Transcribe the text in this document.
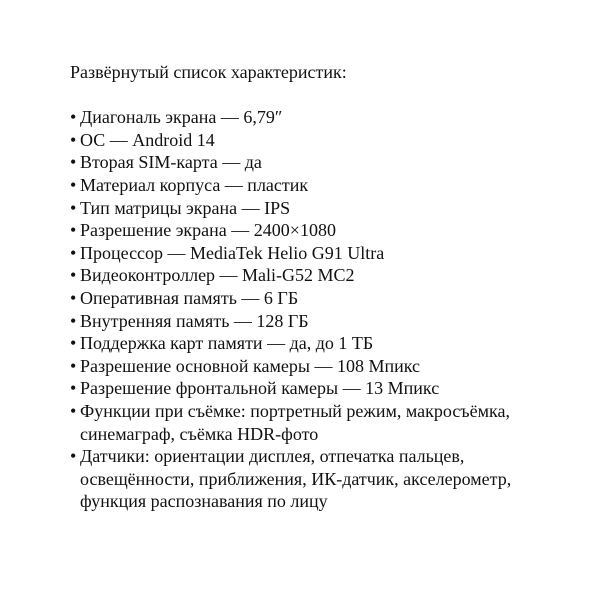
Развёрнутый список характеристик:

• Диагональ экрана — 6,79″
• ОС — Android 14
• Вторая SIM-карта — да
• Материал корпуса — пластик
• Тип матрицы экрана — IPS
• Разрешение экрана — 2400×1080
• Процессор — MediaTek Helio G91 Ultra
• Видеоконтроллер — Mali-G52 MC2
• Оперативная память — 6 ГБ
• Внутренняя память — 128 ГБ
• Поддержка карт памяти — да, до 1 ТБ
• Разрешение основной камеры — 108 Мпикс
• Разрешение фронтальной камеры — 13 Мпикс
• Функции при съёмке: портретный режим, макросъёмка, синемаграф, съёмка HDR-фото
• Датчики: ориентации дисплея, отпечатка пальцев, освещённости, приближения, ИК-датчик, акселерометр, функция распознавания по лицу
